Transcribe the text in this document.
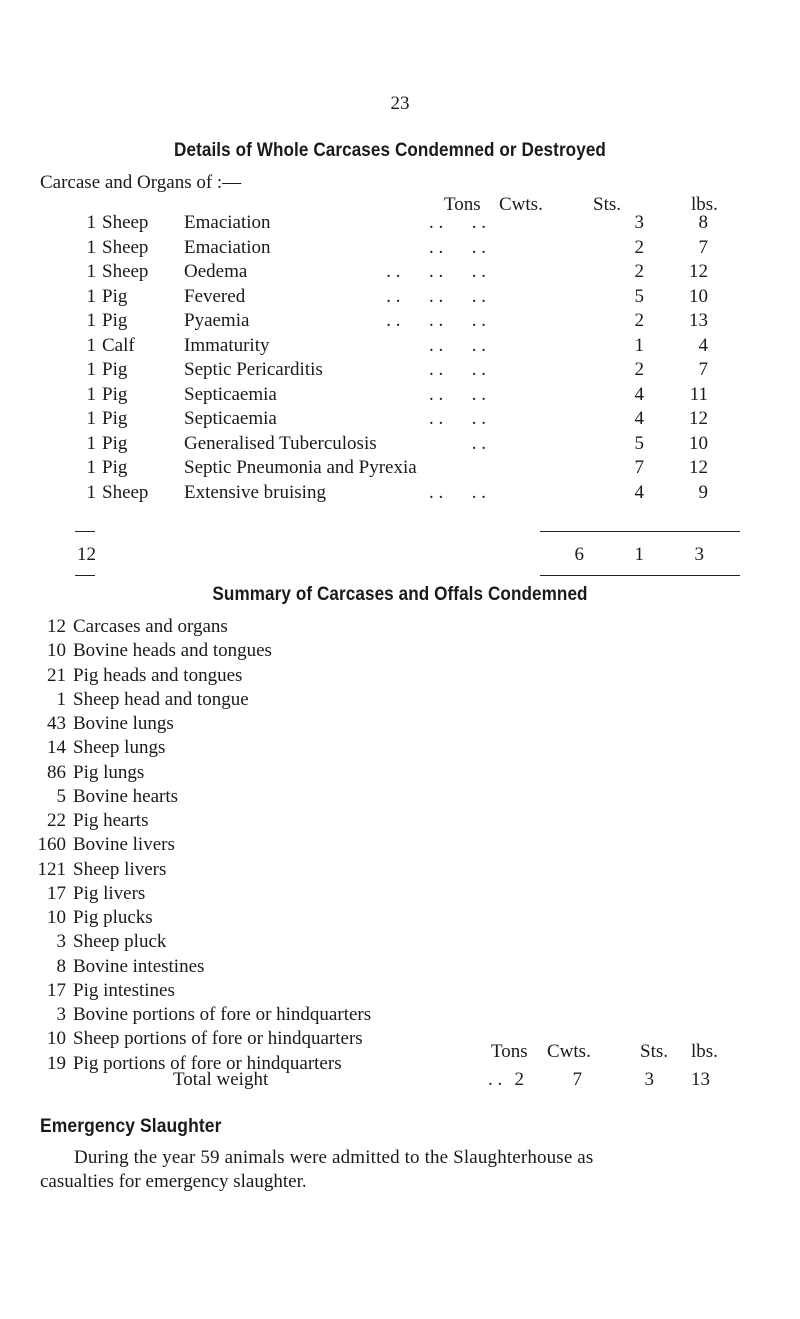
23
Details of Whole Carcases Condemned or Destroyed
Carcase and Organs of :—
Tons Cwts.	Sts.	lbs.
1 Sheep Emaciation	. .      . .	3	8
1 Sheep Emaciation	. .      . .	2	7
1 Sheep Oedema	. .      . .      . .	2	12
1 Pig	Fevered	. .      . .      . .	5	10
1 Pig	Pyaemia	. .      . .      . .	2	13
1 Calf	Immaturity	. .      . .	1	4
1 Pig	Septic Pericarditis	. .      . .	2	7
1 Pig	Septicaemia	. .      . .	4	11
1 Pig	Septicaemia	. .      . .	4	12
1 Pig	Generalised Tuberculosis	. .	5	10
1 Pig	Septic Pneumonia and Pyrexia	7	12
1 Sheep Extensive bruising	. .      . .	4	9
12	6	1	3
Summary of Carcases and Offals Condemned
12 Carcases and organs
10 Bovine heads and tongues
21 Pig heads and tongues
1 Sheep head and tongue
43 Bovine lungs
14 Sheep lungs
86 Pig lungs
5 Bovine hearts
22 Pig hearts
160 Bovine livers
121 Sheep livers
17 Pig livers
10 Pig plucks
3 Sheep pluck
8 Bovine intestines
17 Pig intestines
3 Bovine portions of fore or hindquarters
10 Sheep portions of fore or hindquarters
19 Pig portions of fore or hindquarters
Tons Cwts.	Sts. lbs.
Total weight	. . 2	7	3 13
Emergency Slaughter
During the year 59 animals were admitted to the Slaughterhouse as
casualties for emergency slaughter.
